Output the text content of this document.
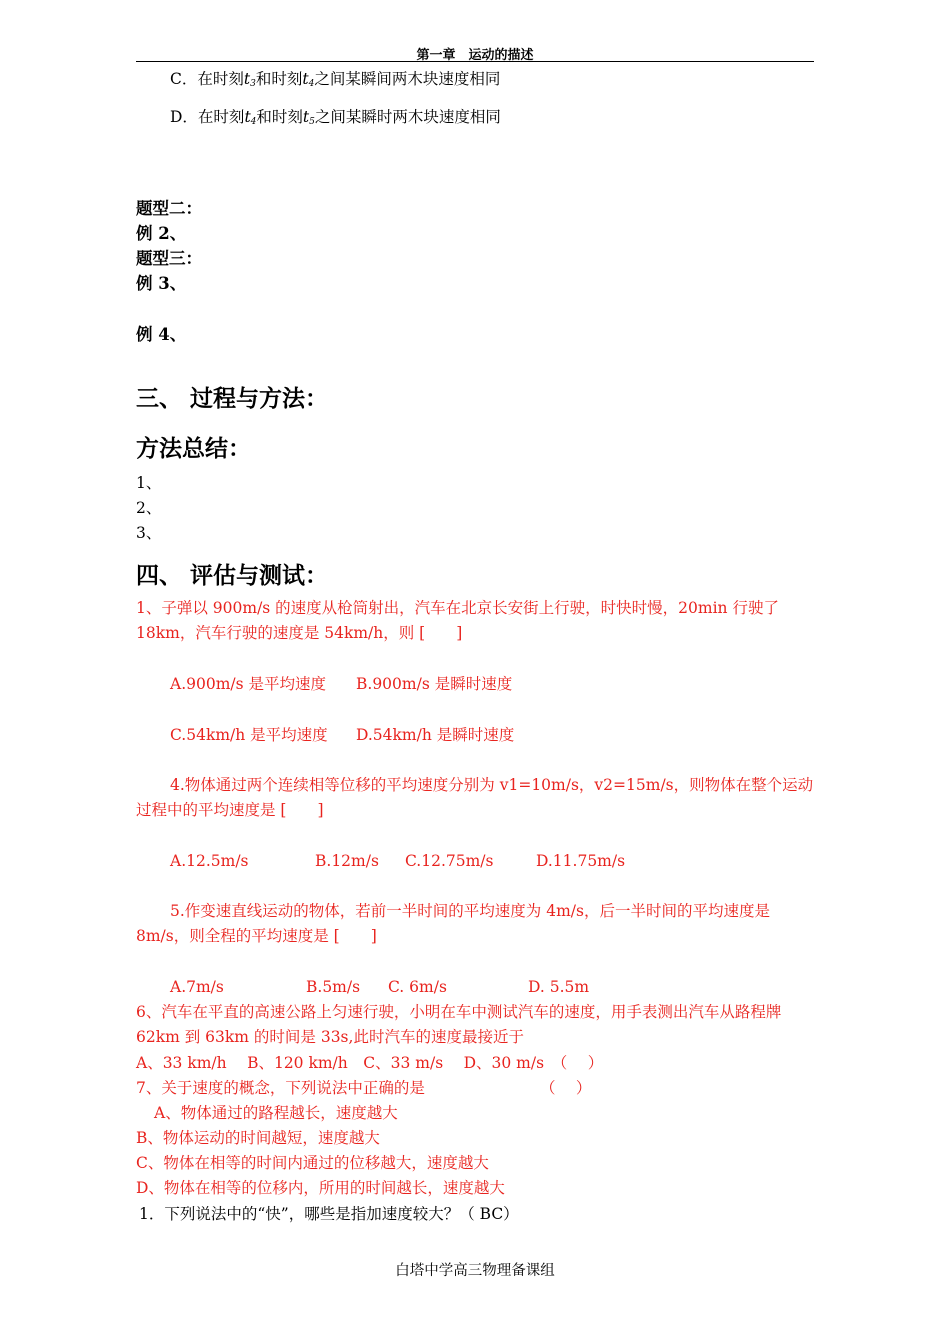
第一章　运动的描述
C．在时刻$t_3$和时刻$t_4$之间某瞬间两木块速度相同
D．在时刻$t_4$和时刻$t_5$之间某瞬时两木块速度相同
题型二：
例 2、
题型三：
例 3、
例 4、
三、 过程与方法：
方法总结：
1、
2、
3、
四、 评估与测试：
1、子弹以 900m/s 的速度从枪筒射出，汽车在北京长安街上行驶，时快时慢，20min 行驶了 18km，汽车行驶的速度是 54km/h，则 [　　]
A.900m/s 是平均速度 B.900m/s 是瞬时速度
C.54km/h 是平均速度 D.54km/h 是瞬时速度
4.物体通过两个连续相等位移的平均速度分别为 v1=10m/s，v2=15m/s，则物体在整个运动过程中的平均速度是 [　　]
A.12.5m/s	B.12m/s C.12.75m/s	D.11.75m/s
5.作变速直线运动的物体，若前一半时间的平均速度为 4m/s，后一半时间的平均速度是 8m/s，则全程的平均速度是 [　　]
A.7m/s	B.5m/s C. 6m/s	D. 5.5m
6、汽车在平直的高速公路上匀速行驶，小明在车中测试汽车的速度，用手表测出汽车从路程牌 62km 到 63km 的时间是 33s,此时汽车的速度最接近于
A、33 km/h　 B、120 km/h　C、33 m/s　 D、30 m/s　（　 ）
7、关于速度的概念，下列说法中正确的是	（　 ）
A、物体通过的路程越长，速度越大
B、物体运动的时间越短，速度越大
C、物体在相等的时间内通过的位移越大，速度越大
D、物体在相等的位移内，所用的时间越长，速度越大
1．下列说法中的“快”，哪些是指加速度较大？（ BC）
白塔中学高三物理备课组
